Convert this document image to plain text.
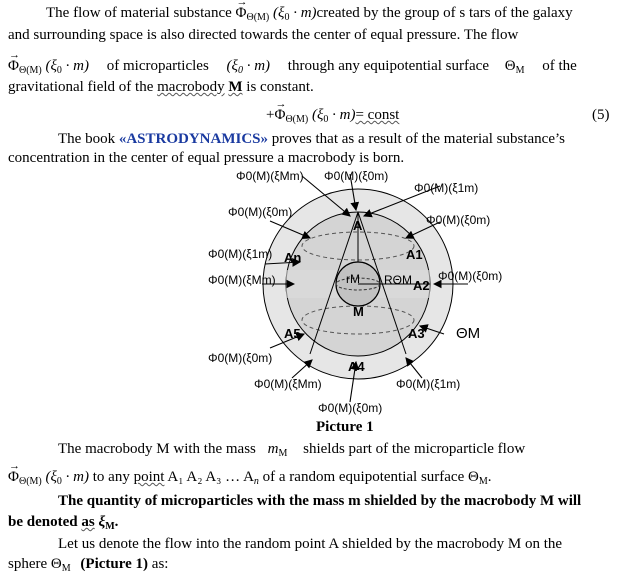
The flow of material substance → $\Phi_{\Theta(M)}$ ($\xi_0$ · m)created by the group of s tars of the galaxy
and surrounding space is also directed towards the center of equal pressure. The flow
→ $\Phi_{\Theta(M)}$ $(\xi_0 \cdot m)$ of microparticles $(\xi_0 \cdot m)$ through any equipotential surface $\Theta_M$ of the
gravitational field of the macrobody M is constant.
+→ $\Phi_{\Theta(M)}$ $(\xi_0 \cdot m)=$ const	(5)
The book «ASTRODYNAMICS» proves that as a result of the material substance’s
concentration in the center of equal pressure a macrobody is born.
A
A1
A2
A3
A4
A5
An
M
rM RΘM
ΘM
Φ0(M)(ξMm) Φ0(M)(ξ0m)
Φ0(M)(ξ0m)
Φ0(M)(ξ1m)
Φ0(M)(ξ0m)
Φ0(M)(ξ1m)
Φ0(M)(ξMm)	Φ0(M)(ξ0m)
Φ0(M)(ξ0m)
Φ0(M)(ξMm)	Φ0(M)(ξ1m)
Φ0(M)(ξ0m)
Picture 1
The macrobody M with the mass $m_M$ shields part of the microparticle flow
→ $\Phi_{\Theta(M)}$ $(\xi_0 \cdot m)$ to any point A₁ A₂ A₃ … $A_n$ of a random equipotential surface $\Theta_M$.
The quantity of microparticles with the mass m shielded by the macrobody M will
be denoted as $\xi_M$.
Let us denote the flow into the random point A shielded by the macrobody M on the
sphere $\Theta_M$ (Picture 1) as:
